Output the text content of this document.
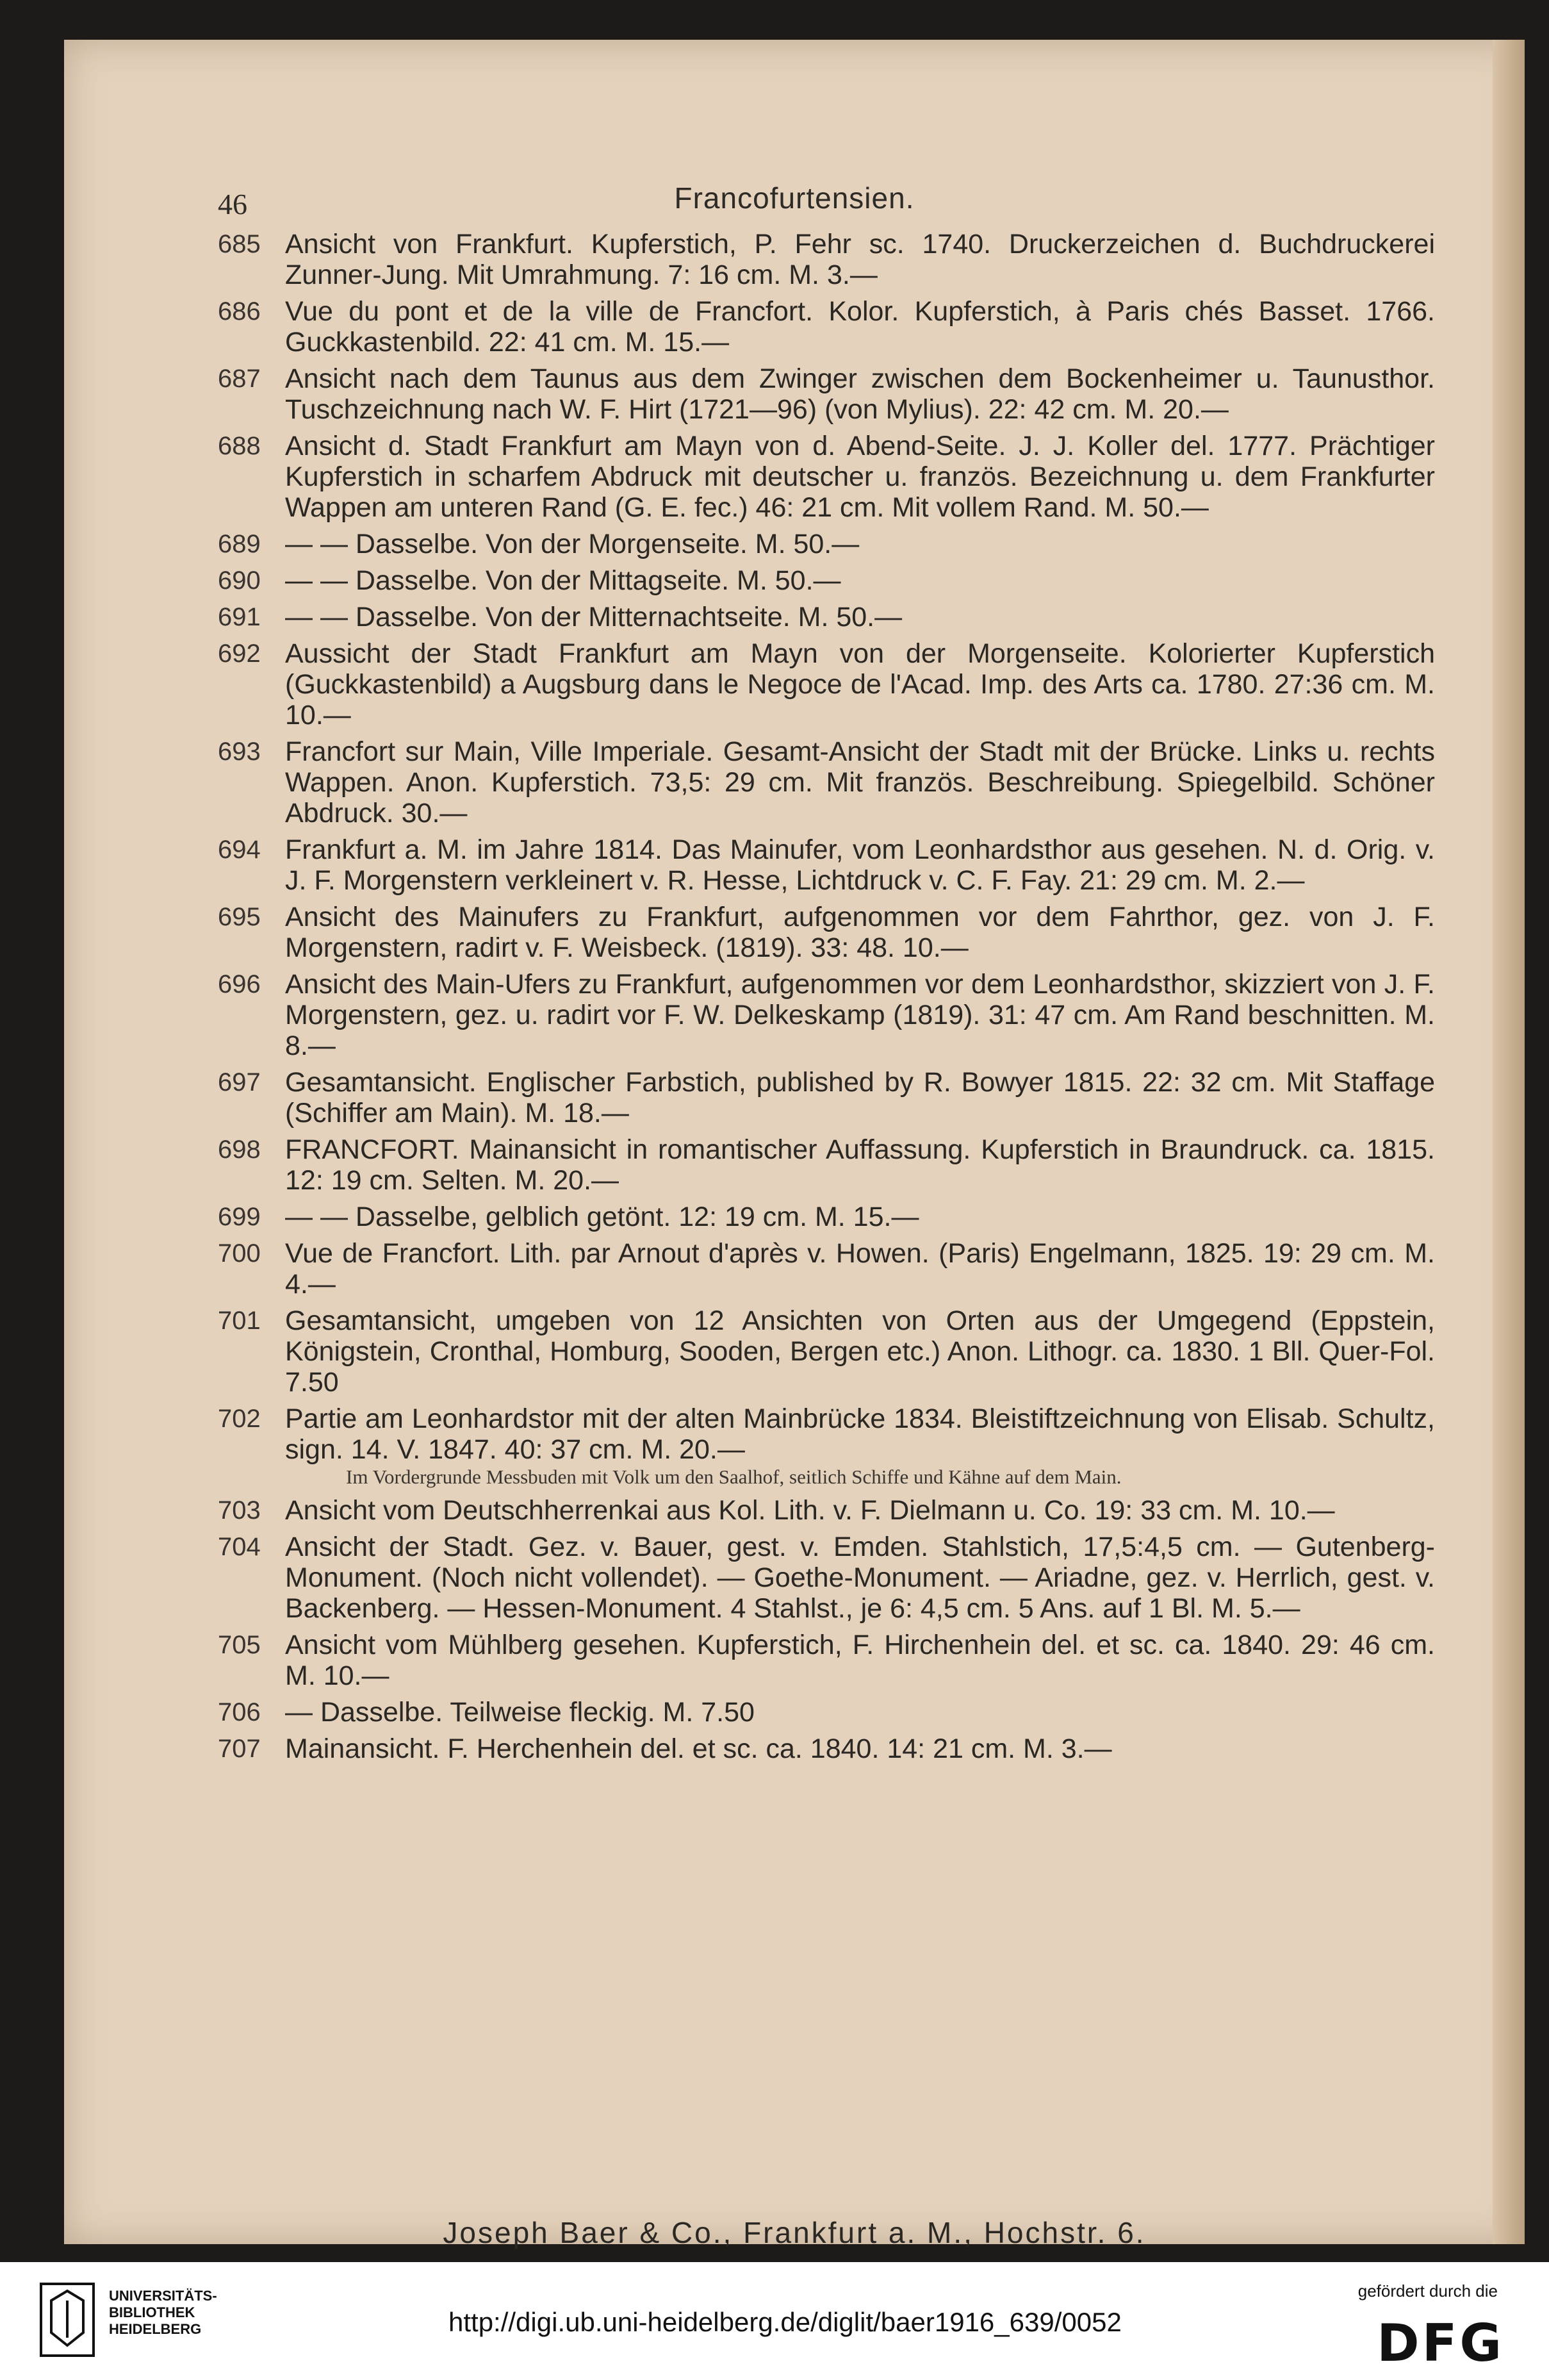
46	Francofurtensien.
685 Ansicht von Frankfurt. Kupferstich, P. Fehr sc. 1740. Druckerzeichen d. Buchdruckerei Zunner-Jung. Mit Umrahmung. 7: 16 cm. M. 3.—
686 Vue du pont et de la ville de Francfort. Kolor. Kupferstich, à Paris chés Basset. 1766. Guckkastenbild. 22: 41 cm. M. 15.—
687 Ansicht nach dem Taunus aus dem Zwinger zwischen dem Bockenheimer u. Taunusthor. Tuschzeichnung nach W. F. Hirt (1721—96) (von Mylius). 22: 42 cm. M. 20.—
688 Ansicht d. Stadt Frankfurt am Mayn von d. Abend-Seite. J. J. Koller del. 1777. Prächtiger Kupferstich in scharfem Abdruck mit deutscher u. französ. Bezeichnung u. dem Frankfurter Wappen am unteren Rand (G. E. fec.) 46: 21 cm. Mit vollem Rand. M. 50.—
689 — — Dasselbe. Von der Morgenseite. M. 50.—
690 — — Dasselbe. Von der Mittagseite. M. 50.—
691 — — Dasselbe. Von der Mitternachtseite. M. 50.—
692 Aussicht der Stadt Frankfurt am Mayn von der Morgenseite. Kolorierter Kupferstich (Guckkastenbild) a Augsburg dans le Negoce de l'Acad. Imp. des Arts ca. 1780. 27:36 cm. M. 10.—
693 Francfort sur Main, Ville Imperiale. Gesamt-Ansicht der Stadt mit der Brücke. Links u. rechts Wappen. Anon. Kupferstich. 73,5: 29 cm. Mit französ. Beschreibung. Spiegelbild. Schöner Abdruck. 30.—
694 Frankfurt a. M. im Jahre 1814. Das Mainufer, vom Leonhardsthor aus gesehen. N. d. Orig. v. J. F. Morgenstern verkleinert v. R. Hesse, Lichtdruck v. C. F. Fay. 21: 29 cm. M. 2.—
695 Ansicht des Mainufers zu Frankfurt, aufgenommen vor dem Fahrthor, gez. von J. F. Morgenstern, radirt v. F. Weisbeck. (1819). 33: 48. 10.—
696 Ansicht des Main-Ufers zu Frankfurt, aufgenommen vor dem Leonhardsthor, skizziert von J. F. Morgenstern, gez. u. radirt vor F. W. Delkeskamp (1819). 31: 47 cm. Am Rand beschnitten. M. 8.—
697 Gesamtansicht. Englischer Farbstich, published by R. Bowyer 1815. 22: 32 cm. Mit Staffage (Schiffer am Main). M. 18.—
698 FRANCFORT. Mainansicht in romantischer Auffassung. Kupferstich in Braundruck. ca. 1815. 12: 19 cm. Selten. M. 20.—
699 — — Dasselbe, gelblich getönt. 12: 19 cm. M. 15.—
700 Vue de Francfort. Lith. par Arnout d'après v. Howen. (Paris) Engelmann, 1825. 19: 29 cm. M. 4.—
701 Gesamtansicht, umgeben von 12 Ansichten von Orten aus der Umgegend (Eppstein, Königstein, Cronthal, Homburg, Sooden, Bergen etc.) Anon. Lithogr. ca. 1830. 1 Bll. Quer-Fol. 7.50
702 Partie am Leonhardstor mit der alten Mainbrücke 1834. Bleistiftzeichnung von Elisab. Schultz, sign. 14. V. 1847. 40: 37 cm. M. 20.—
Im Vordergrunde Messbuden mit Volk um den Saalhof, seitlich Schiffe und Kähne auf dem Main.
703 Ansicht vom Deutschherrenkai aus Kol. Lith. v. F. Dielmann u. Co. 19: 33 cm. M. 10.—
704 Ansicht der Stadt. Gez. v. Bauer, gest. v. Emden. Stahlstich, 17,5:4,5 cm. — Gutenberg-Monument. (Noch nicht vollendet). — Goethe-Monument. — Ariadne, gez. v. Herrlich, gest. v. Backenberg. — Hessen-Monument. 4 Stahlst., je 6: 4,5 cm. 5 Ans. auf 1 Bl. M. 5.—
705 Ansicht vom Mühlberg gesehen. Kupferstich, F. Hirchenhein del. et sc. ca. 1840. 29: 46 cm. M. 10.—
706 — Dasselbe. Teilweise fleckig. M. 7.50
707 Mainansicht. F. Herchenhein del. et sc. ca. 1840. 14: 21 cm. M. 3.—
Joseph Baer & Co., Frankfurt a. M., Hochstr. 6.
UNIVERSITÄTS-
BIBLIOTHEK
HEIDELBERG	http://digi.ub.uni-heidelberg.de/diglit/baer1916_639/0052
gefördert durch die
DFG
